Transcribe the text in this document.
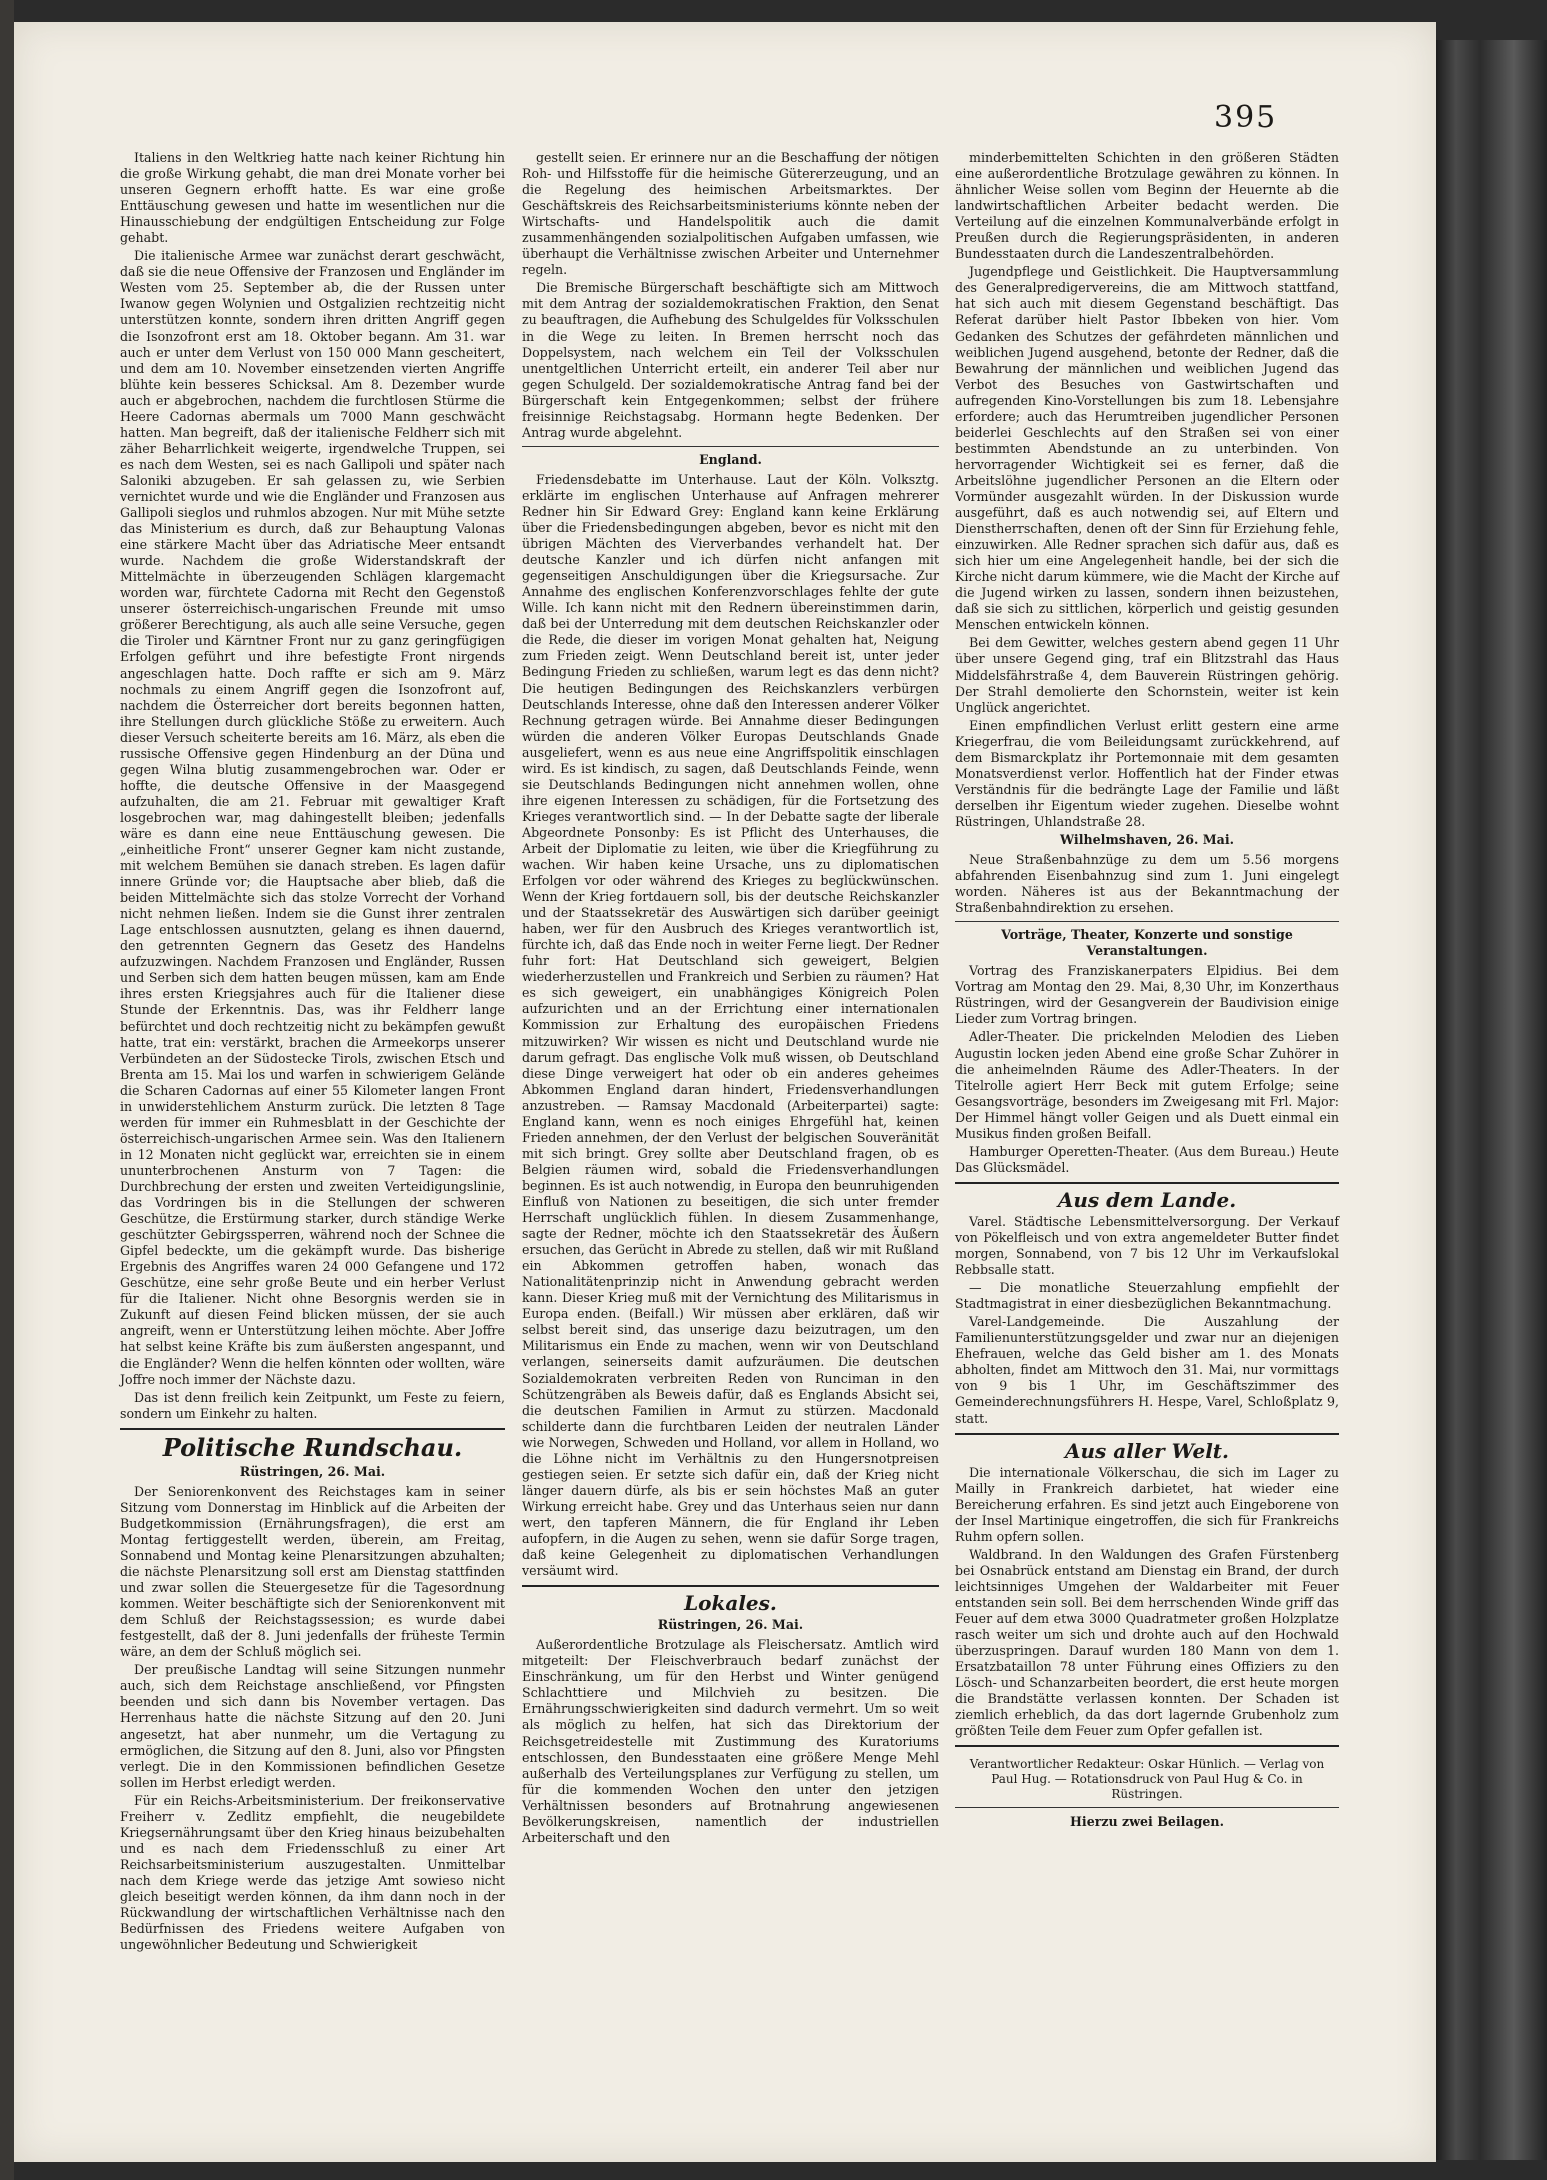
395

Italiens in den Weltkrieg hatte nach keiner Richtung hin die große Wirkung gehabt, die man drei Monate vorher bei unseren Gegnern erhofft hatte. Es war eine große Enttäuschung gewesen und hatte im wesentlichen nur die Hinausschiebung der endgültigen Entscheidung zur Folge gehabt.

Die italienische Armee war zunächst derart geschwächt, daß sie die neue Offensive der Franzosen und Engländer im Westen vom 25. September ab, die der Russen unter Iwanow gegen Wolynien und Ostgalizien rechtzeitig nicht unterstützen konnte, sondern ihren dritten Angriff gegen die Isonzofront erst am 18. Oktober begann. Am 31. war auch er unter dem Verlust von 150 000 Mann gescheitert, und dem am 10. November einsetzenden vierten Angriffe blühte kein besseres Schicksal. Am 8. Dezember wurde auch er abgebrochen, nachdem die furchtlosen Stürme die Heere Cadornas abermals um 7000 Mann geschwächt hatten. Man begreift, daß der italienische Feldherr sich mit zäher Beharrlichkeit weigerte, irgendwelche Truppen, sei es nach dem Westen, sei es nach Gallipoli und später nach Saloniki abzugeben. Er sah gelassen zu, wie Serbien vernichtet wurde und wie die Engländer und Franzosen aus Gallipoli sieglos und ruhmlos abzogen. Nur mit Mühe setzte das Ministerium es durch, daß zur Behauptung Valonas eine stärkere Macht über das Adriatische Meer entsandt wurde. Nachdem die große Widerstandskraft der Mittelmächte in überzeugenden Schlägen klargemacht worden war, fürchtete Cadorna mit Recht den Gegenstoß unserer österreichisch-ungarischen Freunde mit umso größerer Berechtigung, als auch alle seine Versuche, gegen die Tiroler und Kärntner Front nur zu ganz geringfügigen Erfolgen geführt und ihre befestigte Front nirgends angeschlagen hatte. Doch raffte er sich am 9. März nochmals zu einem Angriff gegen die Isonzofront auf, nachdem die Österreicher dort bereits begonnen hatten, ihre Stellungen durch glückliche Stöße zu erweitern. Auch dieser Versuch scheiterte bereits am 16. März, als eben die russische Offensive gegen Hindenburg an der Düna und gegen Wilna blutig zusammengebrochen war. Oder er hoffte, die deutsche Offensive in der Maasgegend aufzuhalten, die am 21. Februar mit gewaltiger Kraft losgebrochen war, mag dahingestellt bleiben; jedenfalls wäre es dann eine neue Enttäuschung gewesen. Die „einheitliche Front“ unserer Gegner kam nicht zustande, mit welchem Bemühen sie danach streben. Es lagen dafür innere Gründe vor; die Hauptsache aber blieb, daß die beiden Mittelmächte sich das stolze Vorrecht der Vorhand nicht nehmen ließen. Indem sie die Gunst ihrer zentralen Lage entschlossen ausnutzten, gelang es ihnen dauernd, den getrennten Gegnern das Gesetz des Handelns aufzuzwingen. Nachdem Franzosen und Engländer, Russen und Serben sich dem hatten beugen müssen, kam am Ende ihres ersten Kriegsjahres auch für die Italiener diese Stunde der Erkenntnis. Das, was ihr Feldherr lange befürchtet und doch rechtzeitig nicht zu bekämpfen gewußt hatte, trat ein: verstärkt, brachen die Armeekorps unserer Verbündeten an der Südostecke Tirols, zwischen Etsch und Brenta am 15. Mai los und warfen in schwierigem Gelände die Scharen Cadornas auf einer 55 Kilometer langen Front in unwiderstehlichem Ansturm zurück. Die letzten 8 Tage werden für immer ein Ruhmesblatt in der Geschichte der österreichisch-ungarischen Armee sein. Was den Italienern in 12 Monaten nicht geglückt war, erreichten sie in einem ununterbrochenen Ansturm von 7 Tagen: die Durchbrechung der ersten und zweiten Verteidigungslinie, das Vordringen bis in die Stellungen der schweren Geschütze, die Erstürmung starker, durch ständige Werke geschützter Gebirgssperren, während noch der Schnee die Gipfel bedeckte, um die gekämpft wurde. Das bisherige Ergebnis des Angriffes waren 24 000 Gefangene und 172 Geschütze, eine sehr große Beute und ein herber Verlust für die Italiener. Nicht ohne Besorgnis werden sie in Zukunft auf diesen Feind blicken müssen, der sie auch angreift, wenn er Unterstützung leihen möchte. Aber Joffre hat selbst keine Kräfte bis zum äußersten angespannt, und die Engländer? Wenn die helfen könnten oder wollten, wäre Joffre noch immer der Nächste dazu.

Das ist denn freilich kein Zeitpunkt, um Feste zu feiern, sondern um Einkehr zu halten.

Politische Rundschau.
Rüstringen, 26. Mai.

Der Seniorenkonvent des Reichstages kam in seiner Sitzung vom Donnerstag im Hinblick auf die Arbeiten der Budgetkommission (Ernährungsfragen), die erst am Montag fertiggestellt werden, überein, am Freitag, Sonnabend und Montag keine Plenarsitzungen abzuhalten; die nächste Plenarsitzung soll erst am Dienstag stattfinden und zwar sollen die Steuergesetze für die Tagesordnung kommen. Weiter beschäftigte sich der Seniorenkonvent mit dem Schluß der Reichstagssession; es wurde dabei festgestellt, daß der 8. Juni jedenfalls der früheste Termin wäre, an dem der Schluß möglich sei.

Der preußische Landtag will seine Sitzungen nunmehr auch, sich dem Reichstage anschließend, vor Pfingsten beenden und sich dann bis November vertagen. Das Herrenhaus hatte die nächste Sitzung auf den 20. Juni angesetzt, hat aber nunmehr, um die Vertagung zu ermöglichen, die Sitzung auf den 8. Juni, also vor Pfingsten verlegt. Die in den Kommissionen befindlichen Gesetze sollen im Herbst erledigt werden.

Für ein Reichs-Arbeitsministerium. Der freikonservative Freiherr v. Zedlitz empfiehlt, die neugebildete Kriegsernährungsamt über den Krieg hinaus beizubehalten und es nach dem Friedensschluß zu einer Art Reichsarbeitsministerium auszugestalten. Unmittelbar nach dem Kriege werde das jetzige Amt sowieso nicht gleich beseitigt werden können, da ihm dann noch in der Rückwandlung der wirtschaftlichen Verhältnisse nach den Bedürfnissen des Friedens weitere Aufgaben von ungewöhnlicher Bedeutung und Schwierigkeit

gestellt seien. Er erinnere nur an die Beschaffung der nötigen Roh- und Hilfsstoffe für die heimische Gütererzeugung, und an die Regelung des heimischen Arbeitsmarktes. Der Geschäftskreis des Reichsarbeitsministeriums könnte neben der Wirtschafts- und Handelspolitik auch die damit zusammenhängenden sozialpolitischen Aufgaben umfassen, wie überhaupt die Verhältnisse zwischen Arbeiter und Unternehmer regeln.

Die Bremische Bürgerschaft beschäftigte sich am Mittwoch mit dem Antrag der sozialdemokratischen Fraktion, den Senat zu beauftragen, die Aufhebung des Schulgeldes für Volksschulen in die Wege zu leiten. In Bremen herrscht noch das Doppelsystem, nach welchem ein Teil der Volksschulen unentgeltlichen Unterricht erteilt, ein anderer Teil aber nur gegen Schulgeld. Der sozialdemokratische Antrag fand bei der Bürgerschaft kein Entgegenkommen; selbst der frühere freisinnige Reichstagsabg. Hormann hegte Bedenken. Der Antrag wurde abgelehnt.

England.

Friedensdebatte im Unterhause. Laut der Köln. Volksztg. erklärte im englischen Unterhause auf Anfragen mehrerer Redner hin Sir Edward Grey: England kann keine Erklärung über die Friedensbedingungen abgeben, bevor es nicht mit den übrigen Mächten des Vierverbandes verhandelt hat. Der deutsche Kanzler und ich dürfen nicht anfangen mit gegenseitigen Anschuldigungen über die Kriegsursache. Zur Annahme des englischen Konferenzvorschlages fehlte der gute Wille. Ich kann nicht mit den Rednern übereinstimmen darin, daß bei der Unterredung mit dem deutschen Reichskanzler oder die Rede, die dieser im vorigen Monat gehalten hat, Neigung zum Frieden zeigt. Wenn Deutschland bereit ist, unter jeder Bedingung Frieden zu schließen, warum legt es das denn nicht? Die heutigen Bedingungen des Reichskanzlers verbürgen Deutschlands Interesse, ohne daß den Interessen anderer Völker Rechnung getragen würde. Bei Annahme dieser Bedingungen würden die anderen Völker Europas Deutschlands Gnade ausgeliefert, wenn es aus neue eine Angriffspolitik einschlagen wird. Es ist kindisch, zu sagen, daß Deutschlands Feinde, wenn sie Deutschlands Bedingungen nicht annehmen wollen, ohne ihre eigenen Interessen zu schädigen, für die Fortsetzung des Krieges verantwortlich sind. — In der Debatte sagte der liberale Abgeordnete Ponsonby: Es ist Pflicht des Unterhauses, die Arbeit der Diplomatie zu leiten, wie über die Kriegführung zu wachen. Wir haben keine Ursache, uns zu diplomatischen Erfolgen vor oder während des Krieges zu beglückwünschen. Wenn der Krieg fortdauern soll, bis der deutsche Reichskanzler und der Staatssekretär des Auswärtigen sich darüber geeinigt haben, wer für den Ausbruch des Krieges verantwortlich ist, fürchte ich, daß das Ende noch in weiter Ferne liegt. Der Redner fuhr fort: Hat Deutschland sich geweigert, Belgien wiederherzustellen und Frankreich und Serbien zu räumen? Hat es sich geweigert, ein unabhängiges Königreich Polen aufzurichten und an der Errichtung einer internationalen Kommission zur Erhaltung des europäischen Friedens mitzuwirken? Wir wissen es nicht und Deutschland wurde nie darum gefragt. Das englische Volk muß wissen, ob Deutschland diese Dinge verweigert hat oder ob ein anderes geheimes Abkommen England daran hindert, Friedensverhandlungen anzustreben. — Ramsay Macdonald (Arbeiterpartei) sagte: England kann, wenn es noch einiges Ehrgefühl hat, keinen Frieden annehmen, der den Verlust der belgischen Souveränität mit sich bringt. Grey sollte aber Deutschland fragen, ob es Belgien räumen wird, sobald die Friedensverhandlungen beginnen. Es ist auch notwendig, in Europa den beunruhigenden Einfluß von Nationen zu beseitigen, die sich unter fremder Herrschaft unglücklich fühlen. In diesem Zusammenhange, sagte der Redner, möchte ich den Staatssekretär des Äußern ersuchen, das Gerücht in Abrede zu stellen, daß wir mit Rußland ein Abkommen getroffen haben, wonach das Nationalitätenprinzip nicht in Anwendung gebracht werden kann. Dieser Krieg muß mit der Vernichtung des Militarismus in Europa enden. (Beifall.) Wir müssen aber erklären, daß wir selbst bereit sind, das unserige dazu beizutragen, um den Militarismus ein Ende zu machen, wenn wir von Deutschland verlangen, seinerseits damit aufzuräumen. Die deutschen Sozialdemokraten verbreiten Reden von Runciman in den Schützengräben als Beweis dafür, daß es Englands Absicht sei, die deutschen Familien in Armut zu stürzen. Macdonald schilderte dann die furchtbaren Leiden der neutralen Länder wie Norwegen, Schweden und Holland, vor allem in Holland, wo die Löhne nicht im Verhältnis zu den Hungersnotpreisen gestiegen seien. Er setzte sich dafür ein, daß der Krieg nicht länger dauern dürfe, als bis er sein höchstes Maß an guter Wirkung erreicht habe. Grey und das Unterhaus seien nur dann wert, den tapferen Männern, die für England ihr Leben aufopfern, in die Augen zu sehen, wenn sie dafür Sorge tragen, daß keine Gelegenheit zu diplomatischen Verhandlungen versäumt wird.

Lokales.
Rüstringen, 26. Mai.

Außerordentliche Brotzulage als Fleischersatz. Amtlich wird mitgeteilt: Der Fleischverbrauch bedarf zunächst der Einschränkung, um für den Herbst und Winter genügend Schlachttiere und Milchvieh zu besitzen. Die Ernährungsschwierigkeiten sind dadurch vermehrt. Um so weit als möglich zu helfen, hat sich das Direktorium der Reichsgetreidestelle mit Zustimmung des Kuratoriums entschlossen, den Bundesstaaten eine größere Menge Mehl außerhalb des Verteilungsplanes zur Verfügung zu stellen, um für die kommenden Wochen den unter den jetzigen Verhältnissen besonders auf Brotnahrung angewiesenen Bevölkerungskreisen, namentlich der industriellen Arbeiterschaft und den

minderbemittelten Schichten in den größeren Städten eine außerordentliche Brotzulage gewähren zu können. In ähnlicher Weise sollen vom Beginn der Heuernte ab die landwirtschaftlichen Arbeiter bedacht werden. Die Verteilung auf die einzelnen Kommunalverbände erfolgt in Preußen durch die Regierungspräsidenten, in anderen Bundesstaaten durch die Landeszentralbehörden.

Jugendpflege und Geistlichkeit. Die Hauptversammlung des Generalpredigervereins, die am Mittwoch stattfand, hat sich auch mit diesem Gegenstand beschäftigt. Das Referat darüber hielt Pastor Ibbeken von hier. Vom Gedanken des Schutzes der gefährdeten männlichen und weiblichen Jugend ausgehend, betonte der Redner, daß die Bewahrung der männlichen und weiblichen Jugend das Verbot des Besuches von Gastwirtschaften und aufregenden Kino-Vorstellungen bis zum 18. Lebensjahre erfordere; auch das Herumtreiben jugendlicher Personen beiderlei Geschlechts auf den Straßen sei von einer bestimmten Abendstunde an zu unterbinden. Von hervorragender Wichtigkeit sei es ferner, daß die Arbeitslöhne jugendlicher Personen an die Eltern oder Vormünder ausgezahlt würden. In der Diskussion wurde ausgeführt, daß es auch notwendig sei, auf Eltern und Dienstherrschaften, denen oft der Sinn für Erziehung fehle, einzuwirken. Alle Redner sprachen sich dafür aus, daß es sich hier um eine Angelegenheit handle, bei der sich die Kirche nicht darum kümmere, wie die Macht der Kirche auf die Jugend wirken zu lassen, sondern ihnen beizustehen, daß sie sich zu sittlichen, körperlich und geistig gesunden Menschen entwickeln können.

Bei dem Gewitter, welches gestern abend gegen 11 Uhr über unsere Gegend ging, traf ein Blitzstrahl das Haus Middelsfährstraße 4, dem Bauverein Rüstringen gehörig. Der Strahl demolierte den Schornstein, weiter ist kein Unglück angerichtet.

Einen empfindlichen Verlust erlitt gestern eine arme Kriegerfrau, die vom Beileidungsamt zurückkehrend, auf dem Bismarckplatz ihr Portemonnaie mit dem gesamten Monatsverdienst verlor. Hoffentlich hat der Finder etwas Verständnis für die bedrängte Lage der Familie und läßt derselben ihr Eigentum wieder zugehen. Dieselbe wohnt Rüstringen, Uhlandstraße 28.

Wilhelmshaven, 26. Mai.

Neue Straßenbahnzüge zu dem um 5.56 morgens abfahrenden Eisenbahnzug sind zum 1. Juni eingelegt worden. Näheres ist aus der Bekanntmachung der Straßenbahndirektion zu ersehen.

Vorträge, Theater, Konzerte und sonstige Veranstaltungen.

Vortrag des Franziskanerpaters Elpidius. Bei dem Vortrag am Montag den 29. Mai, 8,30 Uhr, im Konzerthaus Rüstringen, wird der Gesangverein der Baudivision einige Lieder zum Vortrag bringen.

Adler-Theater. Die prickelnden Melodien des Lieben Augustin locken jeden Abend eine große Schar Zuhörer in die anheimelnden Räume des Adler-Theaters. In der Titelrolle agiert Herr Beck mit gutem Erfolge; seine Gesangsvorträge, besonders im Zweigesang mit Frl. Major: Der Himmel hängt voller Geigen und als Duett einmal ein Musikus finden großen Beifall.

Hamburger Operetten-Theater. (Aus dem Bureau.) Heute Das Glücksmädel.

Aus dem Lande.

Varel. Städtische Lebensmittelversorgung. Der Verkauf von Pökelfleisch und von extra angemeldeter Butter findet morgen, Sonnabend, von 7 bis 12 Uhr im Verkaufslokal Rebbsalle statt.

— Die monatliche Steuerzahlung empfiehlt der Stadtmagistrat in einer diesbezüglichen Bekanntmachung.

Varel-Landgemeinde. Die Auszahlung der Familienunterstützungsgelder und zwar nur an diejenigen Ehefrauen, welche das Geld bisher am 1. des Monats abholten, findet am Mittwoch den 31. Mai, nur vormittags von 9 bis 1 Uhr, im Geschäftszimmer des Gemeinderechnungsführers H. Hespe, Varel, Schloßplatz 9, statt.

Aus aller Welt.

Die internationale Völkerschau, die sich im Lager zu Mailly in Frankreich darbietet, hat wieder eine Bereicherung erfahren. Es sind jetzt auch Eingeborene von der Insel Martinique eingetroffen, die sich für Frankreichs Ruhm opfern sollen.

Waldbrand. In den Waldungen des Grafen Fürstenberg bei Osnabrück entstand am Dienstag ein Brand, der durch leichtsinniges Umgehen der Waldarbeiter mit Feuer entstanden sein soll. Bei dem herrschenden Winde griff das Feuer auf dem etwa 3000 Quadratmeter großen Holzplatze rasch weiter um sich und drohte auch auf den Hochwald überzuspringen. Darauf wurden 180 Mann von dem 1. Ersatzbataillon 78 unter Führung eines Offiziers zu den Lösch- und Schanzarbeiten beordert, die erst heute morgen die Brandstätte verlassen konnten. Der Schaden ist ziemlich erheblich, da das dort lagernde Grubenholz zum größten Teile dem Feuer zum Opfer gefallen ist.

Verantwortlicher Redakteur: Oskar Hünlich. — Verlag von Paul Hug. — Rotationsdruck von Paul Hug & Co. in Rüstringen.

Hierzu zwei Beilagen.
